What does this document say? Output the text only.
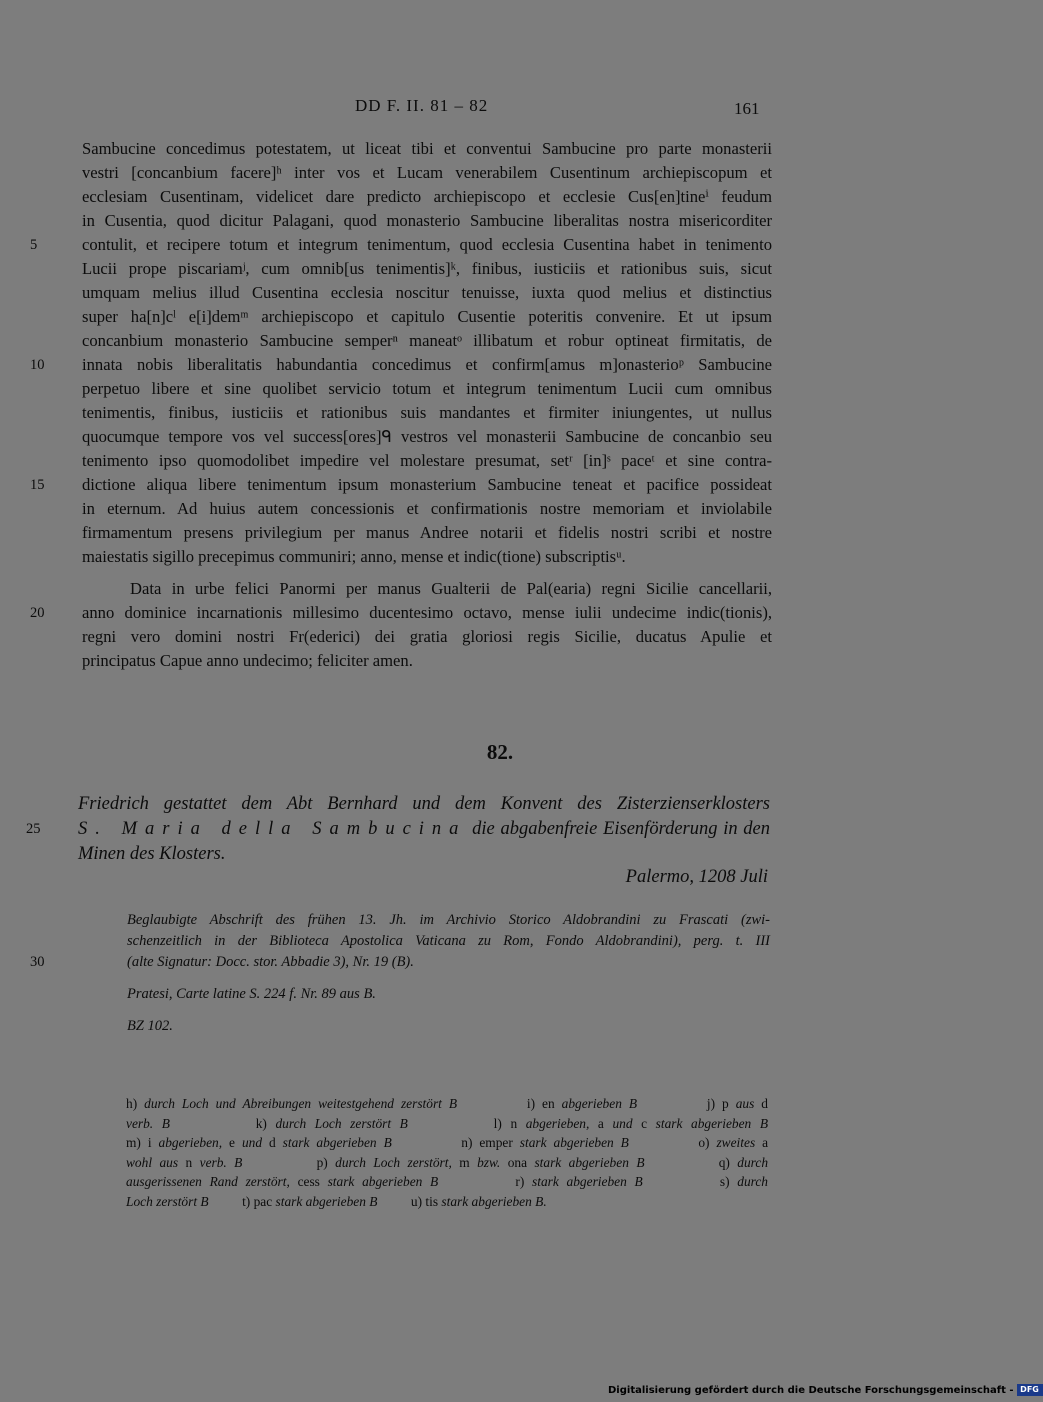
DD F. II. 81 – 82	161
Sambucine concedimus potestatem, ut liceat tibi et conventui Sambucine pro parte monasterii
vestri [concanbium facere]ʰ inter vos et Lucam venerabilem Cusentinum archiepiscopum et
ecclesiam Cusentinam, videlicet dare predicto archiepiscopo et ecclesie Cus[en]tineⁱ feudum
in Cusentia, quod dicitur Palagani, quod monasterio Sambucine liberalitas nostra misericorditer
5	contulit, et recipere totum et integrum tenimentum, quod ecclesia Cusentina habet in tenimento
Lucii prope piscariamʲ, cum omnib[us tenimentis]ᵏ, finibus, iusticiis et rationibus suis, sicut
umquam melius illud Cusentina ecclesia noscitur tenuisse, iuxta quod melius et distinctius
super ha[n]cˡ e[i]demᵐ archiepiscopo et capitulo Cusentie poteritis convenire. Et ut ipsum
concanbium monasterio Sambucine semperⁿ maneatᵒ illibatum et robur optineat firmitatis, de
10	innata nobis liberalitatis habundantia concedimus et confirm[amus m]onasterioᵖ Sambucine
perpetuo libere et sine quolibet servicio totum et integrum tenimentum Lucii cum omnibus
tenimentis, finibus, iusticiis et rationibus suis mandantes et firmiter iniungentes, ut nullus
quocumque tempore vos vel success[ores]ᑫ vestros vel monasterii Sambucine de concanbio seu
tenimento ipso quomodolibet impedire vel molestare presumat, setʳ [in]ˢ paceᵗ et sine contra-
15	dictione aliqua libere tenimentum ipsum monasterium Sambucine teneat et pacifice possideat
in eternum. Ad huius autem concessionis et confirmationis nostre memoriam et inviolabile
firmamentum presens privilegium per manus Andree notarii et fidelis nostri scribi et nostre
maiestatis sigillo precepimus communiri; anno, mense et indic(tione) subscriptisᵘ.
Data in urbe felici Panormi per manus Gualterii de Pal(earia) regni Sicilie cancellarii,
20	anno dominice incarnationis millesimo ducentesimo octavo, mense iulii undecime indic(tionis),
regni vero domini nostri Fr(ederici) dei gratia gloriosi regis Sicilie, ducatus Apulie et
principatus Capue anno undecimo; feliciter amen.
82.
Friedrich gestattet dem Abt Bernhard und dem Konvent des Zisterzienserklosters
25	S. Maria della Sambucina die abgabenfreie Eisenförderung in den
Minen des Klosters.
Palermo, 1208 Juli
Beglaubigte Abschrift des frühen 13. Jh. im Archivio Storico Aldobrandini zu Frascati (zwi-
schenzeitlich in der Biblioteca Apostolica Vaticana zu Rom, Fondo Aldobrandini), perg. t. III
30	(alte Signatur: Docc. stor. Abbadie 3), Nr. 19 (B).
Pratesi, Carte latine S. 224 f. Nr. 89 aus B.
BZ 102.
h) durch Loch und Abreibungen weitestgehend zerstört B          i) en abgerieben B          j) p aus d
verb. B          k) durch Loch zerstört B          l) n abgerieben, a und c stark abgerieben B
m) i abgerieben, e und d stark abgerieben B          n) emper stark abgerieben B          o) zweites a
wohl aus n verb. B          p) durch Loch zerstört, m bzw. ona stark abgerieben B          q) durch
ausgerissenen Rand zerstört, cess stark abgerieben B          r) stark abgerieben B          s) durch
Loch zerstört B          t) pac stark abgerieben B          u) tis stark abgerieben B.
Digitalisierung gefördert durch die Deutsche Forschungsgemeinschaft - DFG
